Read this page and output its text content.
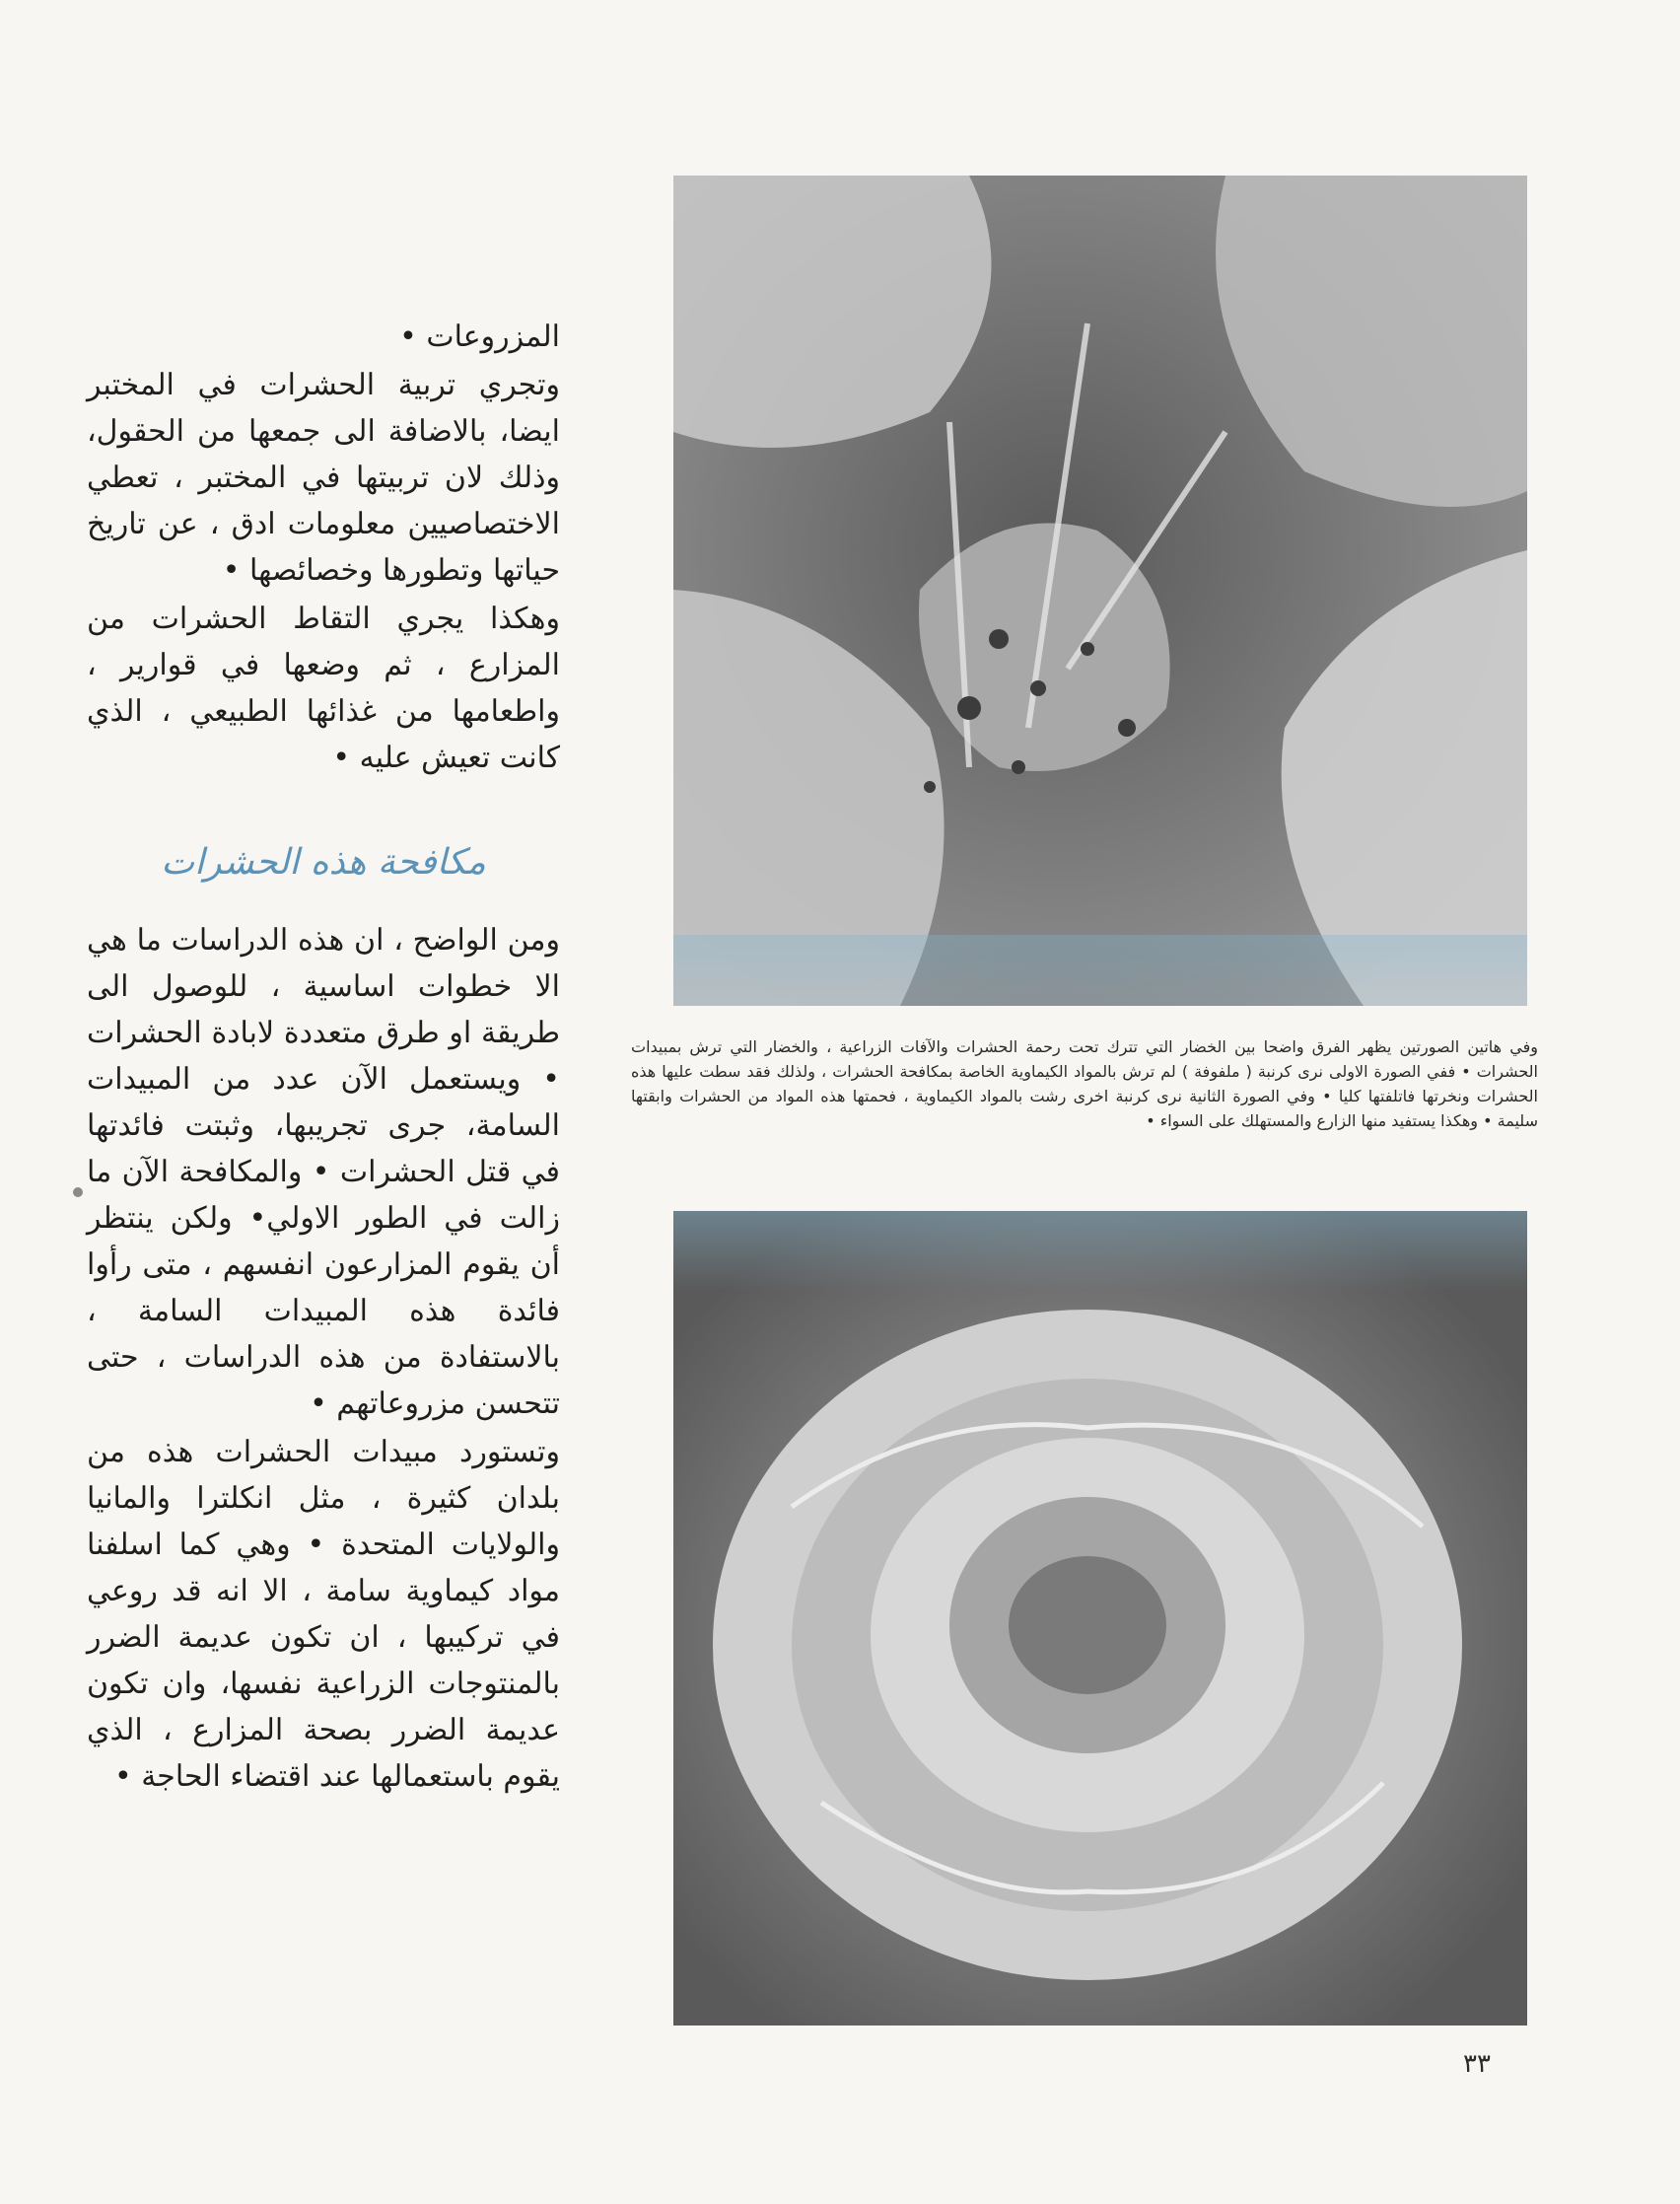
المزروعات •

وتجري تربية الحشرات في المختبر ايضا، بالاضافة الى جمعها من الحقول، وذلك لان تربيتها في المختبر ، تعطي الاختصاصيين معلومات ادق ، عن تاريخ حياتها وتطورها وخصائصها •

وهكذا يجري التقاط الحشرات من المزارع ، ثم وضعها في قوارير ، واطعامها من غذائها الطبيعي ، الذي كانت تعيش عليه •

مكافحة هذه الحشرات

ومن الواضح ، ان هذه الدراسات ما هي الا خطوات اساسية ، للوصول الى طريقة او طرق متعددة لابادة الحشرات • ويستعمل الآن عدد من المبيدات السامة، جرى تجريبها، وثبتت فائدتها في قتل الحشرات • والمكافحة الآن ما زالت في الطور الاولي• ولكن ينتظر أن يقوم المزارعون انفسهم ، متى رأوا فائدة هذه المبيدات السامة ، بالاستفادة من هذه الدراسات ، حتى تتحسن مزروعاتهم •

وتستورد مبيدات الحشرات هذه من بلدان كثيرة ، مثل انكلترا والمانيا والولايات المتحدة • وهي كما اسلفنا مواد كيماوية سامة ، الا انه قد روعي في تركيبها ، ان تكون عديمة الضرر بالمنتوجات الزراعية نفسها، وان تكون عديمة الضرر بصحة المزارع ، الذي يقوم باستعمالها عند اقتضاء الحاجة •

وفي هاتين الصورتين يظهر الفرق واضحا بين الخضار التي تترك تحت رحمة الحشرات والآفات الزراعية ، والخضار التي ترش بمبيدات الحشرات • ففي الصورة الاولى نرى كرنبة ( ملفوفة ) لم ترش بالمواد الكيماوية الخاصة بمكافحة الحشرات ، ولذلك فقد سطت عليها هذه الحشرات ونخرتها فاتلفتها كليا • وفي الصورة الثانية نرى كرنبة اخرى رشت بالمواد الكيماوية ، فحمتها هذه المواد من الحشرات وابقتها سليمة • وهكذا يستفيد منها الزارع والمستهلك على السواء •
٣٣
